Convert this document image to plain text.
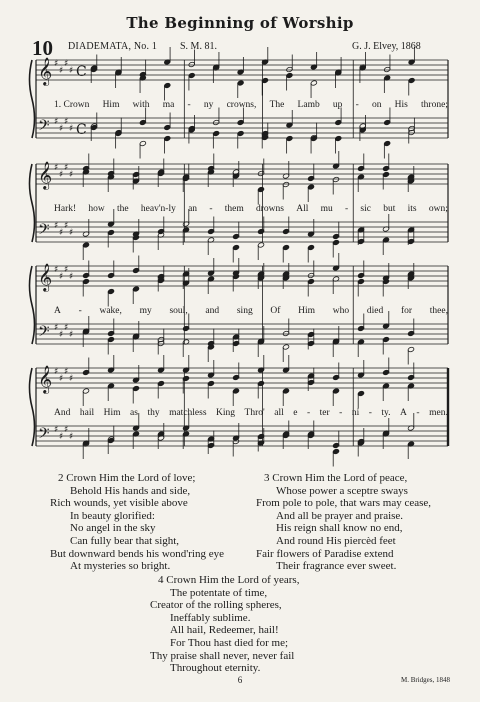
The Beginning of Worship
10 DIADEMATA, No. 1 S. M. 81.	G. J. Elvey, 1868
𝄞 ♯
♯
♯
♯ C
𝄢 ♯
♯
♯
♯ C
𝄞 ♯
♯
♯
♯
𝄢 ♯
♯
♯
♯
𝄞 ♯
♯
♯
♯
𝄢 ♯
♯
♯
♯
𝄞 ♯
♯
♯
♯
𝄢 ♯
♯
♯
♯
1. Crown Him with ma - ny crowns, The Lamb up - on His throne;
Hark! how the heav'n-ly an - them drowns All mu - sic but its own;
A - wake, my soul, and sing Of Him who died for thee,
And hail Him as thy matchless King Thro' all e - ter - ni - ty. A - men.
2 Crown Him the Lord of love;
Behold His hands and side,
Rich wounds, yet visible above
In beauty glorified:
No angel in the sky
Can fully bear that sight,
But downward bends his wond'ring eye
At mysteries so bright.
3 Crown Him the Lord of peace,
Whose power a sceptre sways
From pole to pole, that wars may cease,
And all be prayer and praise.
His reign shall know no end,
And round His piercèd feet
Fair flowers of Paradise extend
Their fragrance ever sweet.
4 Crown Him the Lord of years,
The potentate of time,
Creator of the rolling spheres,
Ineffably sublime.
All hail, Redeemer, hail!
For Thou hast died for me;
Thy praise shall never, never fail
Throughout eternity.
6	M. Bridges, 1848
